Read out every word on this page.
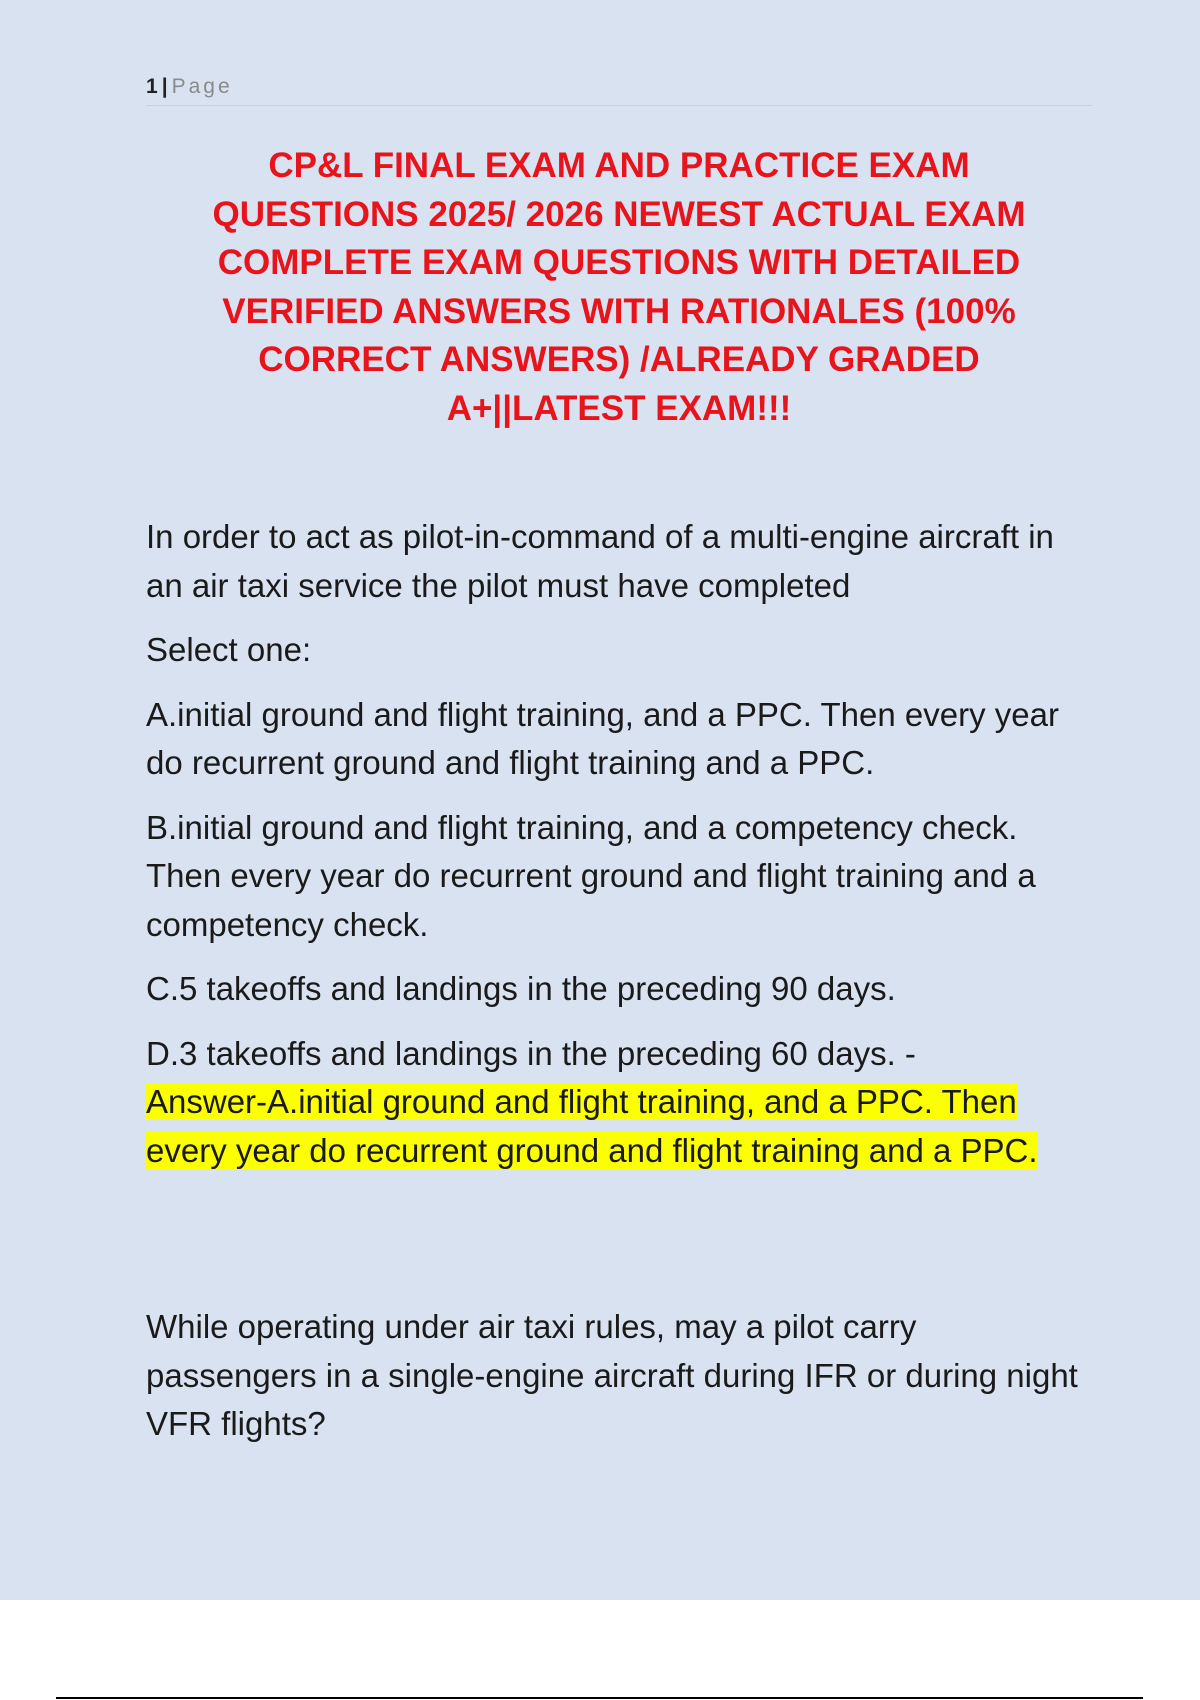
1 | Page
CP&L FINAL EXAM AND PRACTICE EXAM
QUESTIONS 2025/ 2026 NEWEST ACTUAL EXAM
COMPLETE EXAM QUESTIONS WITH DETAILED
VERIFIED ANSWERS WITH RATIONALES (100%
CORRECT ANSWERS) /ALREADY GRADED
A+||LATEST EXAM!!!

In order to act as pilot-in-command of a multi-engine aircraft in an air taxi service the pilot must have completed

Select one:

A.initial ground and flight training, and a PPC. Then every year do recurrent ground and flight training and a PPC.

B.initial ground and flight training, and a competency check. Then every year do recurrent ground and flight training and a competency check.

C.5 takeoffs and landings in the preceding 90 days.

D.3 takeoffs and landings in the preceding 60 days. -
Answer-A.initial ground and flight training, and a PPC. Then every year do recurrent ground and flight training and a PPC.

While operating under air taxi rules, may a pilot carry passengers in a single-engine aircraft during IFR or during night VFR flights?
